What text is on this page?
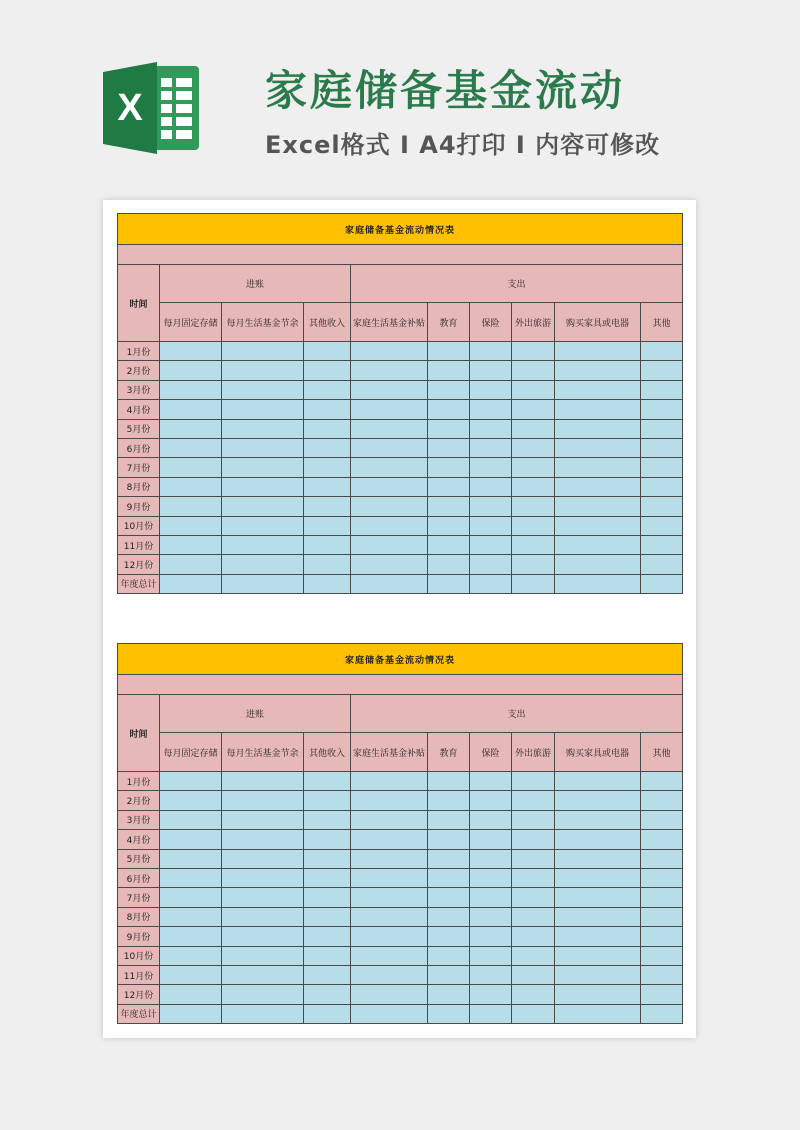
X	家庭储备基金流动
Excel格式 I A4打印 I 内容可修改
家庭储备基金流动情况表									

时间	进账			支出					
	每月固定存储	每月生活基金节余	其他收入	家庭生活基金补贴	教育	保险	外出旅游	购买家具或电器	其他
1月份									
2月份									
3月份									
4月份									
5月份									
6月份									
7月份									
8月份									
9月份									
10月份									
11月份									
12月份									
年度总计									
家庭储备基金流动情况表									

时间	进账			支出					
	每月固定存储	每月生活基金节余	其他收入	家庭生活基金补贴	教育	保险	外出旅游	购买家具或电器	其他
1月份									
2月份									
3月份									
4月份									
5月份									
6月份									
7月份									
8月份									
9月份									
10月份									
11月份									
12月份									
年度总计									
